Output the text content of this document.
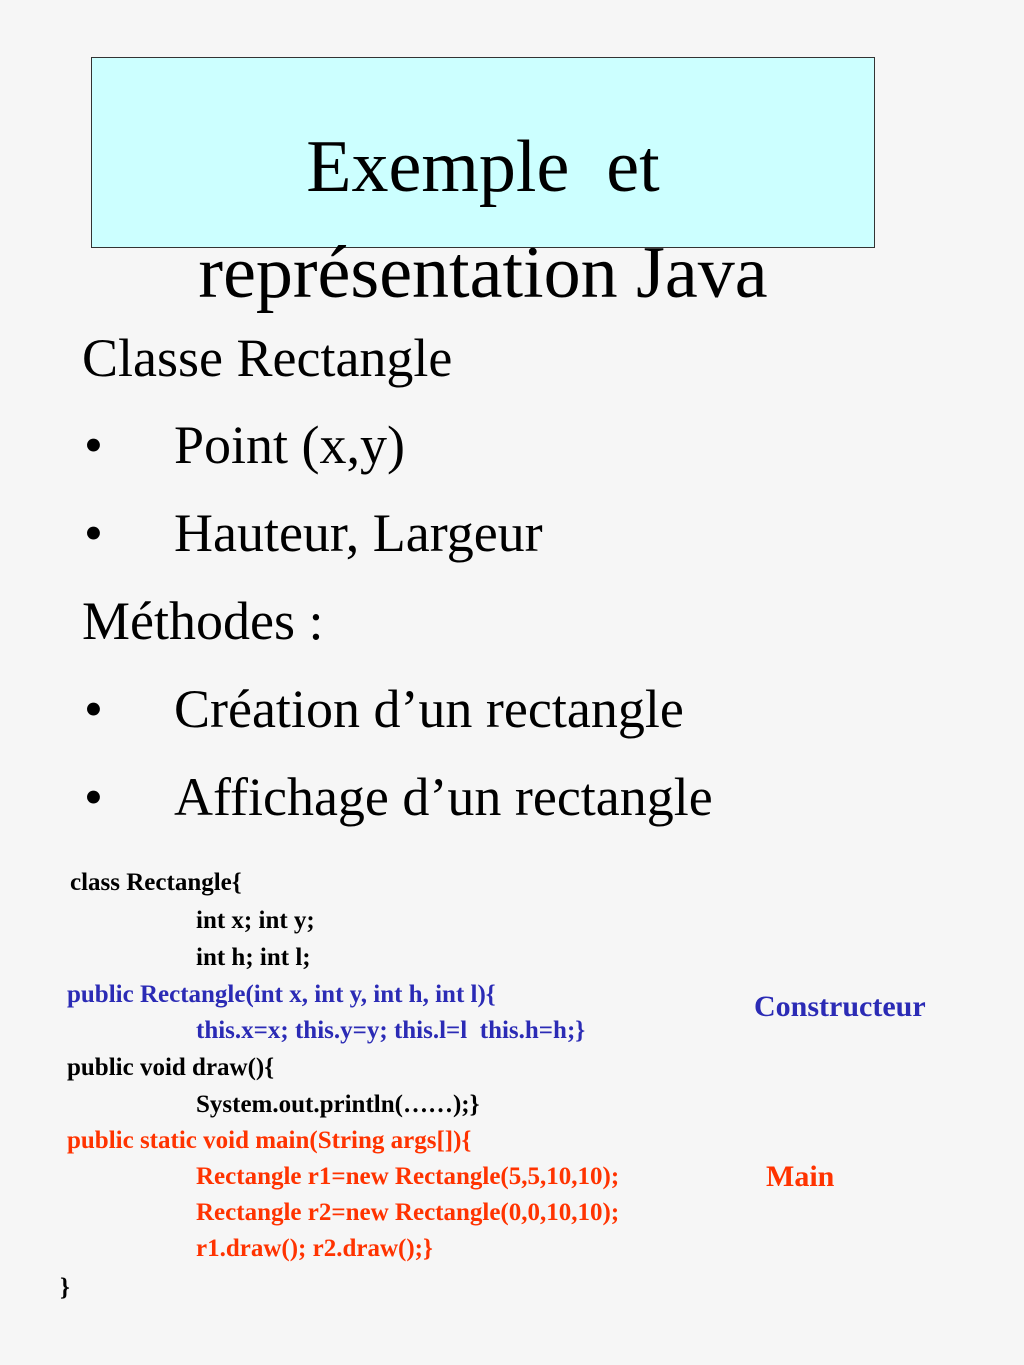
Exemple  et
représentation Java
Classe Rectangle
• Point (x,y)
• Hauteur, Largeur
Méthodes :
• Création d’un rectangle
• Affichage d’un rectangle
class Rectangle{
int x; int y;
int h; int l;
public Rectangle(int x, int y, int h, int l){
this.x=x; this.y=y; this.l=l  this.h=h;}
public void draw(){
System.out.println(……);}
public static void main(String args[]){
Rectangle r1=new Rectangle(5,5,10,10);
Rectangle r2=new Rectangle(0,0,10,10);
r1.draw(); r2.draw();}
}
Constructeur
Main
